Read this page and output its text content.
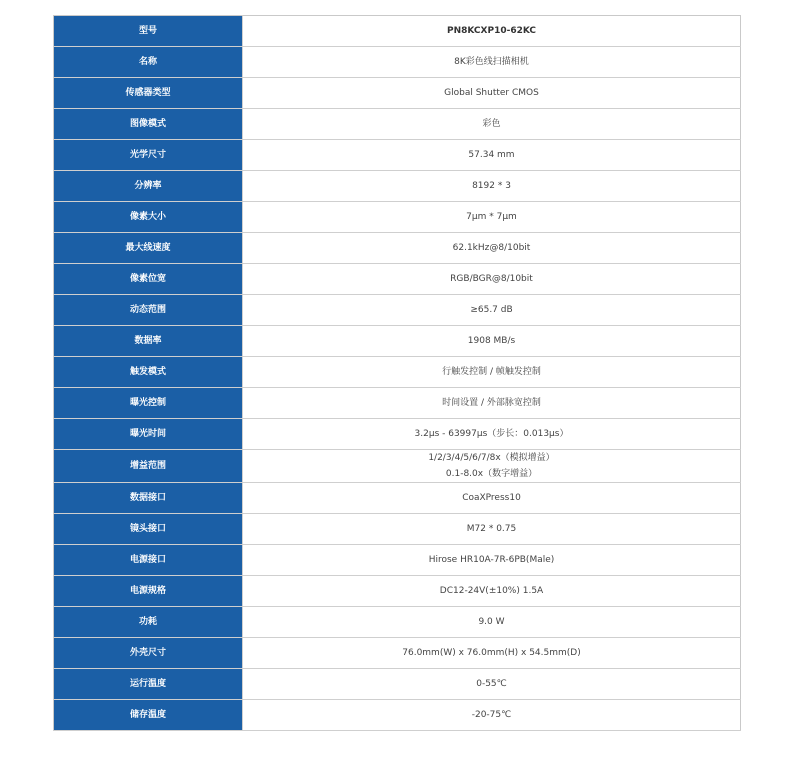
型号	PN8KCXP10-62KC
名称	8K彩色线扫描相机
传感器类型	Global Shutter CMOS
图像模式	彩色
光学尺寸	57.34 mm
分辨率	8192 * 3
像素大小	7μm * 7μm
最大线速度	62.1kHz@8/10bit
像素位宽	RGB/BGR@8/10bit
动态范围	≥65.7 dB
数据率	1908 MB/s
触发模式	行触发控制 / 帧触发控制
曝光控制	时间设置 / 外部脉宽控制
曝光时间	3.2μs - 63997μs（步长：0.013μs）
增益范围	1/2/3/4/5/6/7/8x（模拟增益）
0.1-8.0x（数字增益）

数据接口	CoaXPress10
镜头接口	M72 * 0.75
电源接口	Hirose HR10A-7R-6PB(Male)
电源规格	DC12-24V(±10%) 1.5A
功耗	9.0 W
外壳尺寸	76.0mm(W) x 76.0mm(H) x 54.5mm(D)
运行温度	0-55℃
储存温度	-20-75℃
